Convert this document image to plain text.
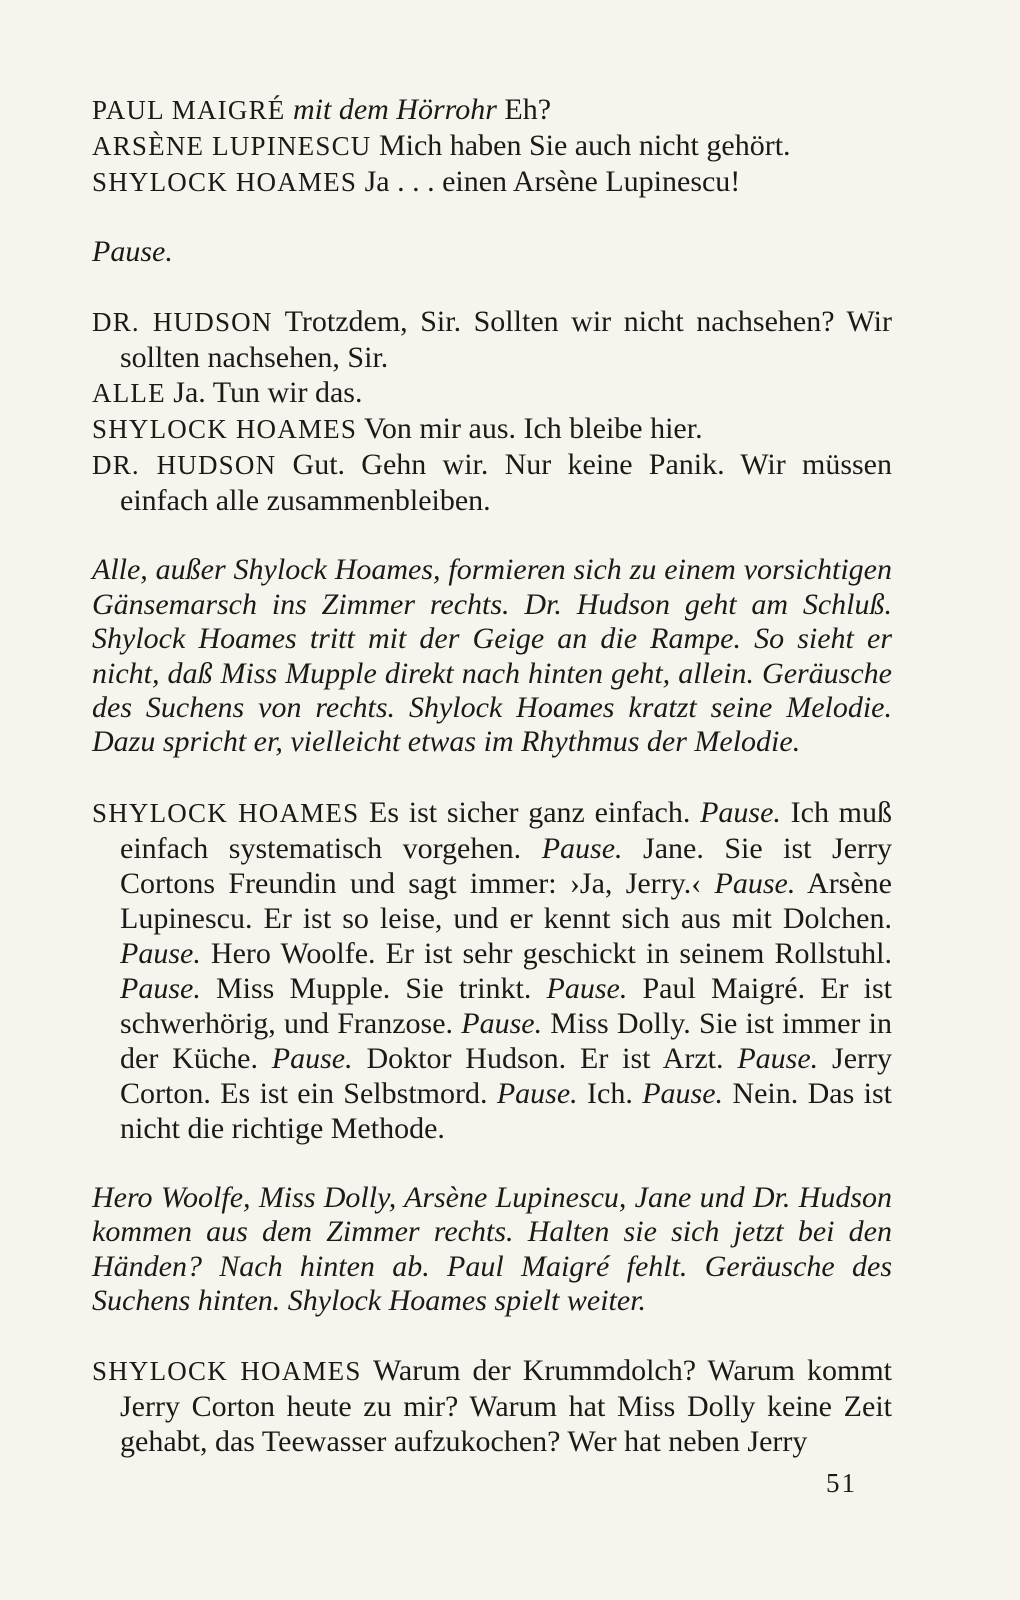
PAUL MAIGRÉ mit dem Hörrohr Eh?

ARSÈNE LUPINESCU Mich haben Sie auch nicht gehört.

SHYLOCK HOAMES Ja . . . einen Arsène Lupinescu!

Pause.

DR. HUDSON Trotzdem, Sir. Sollten wir nicht nachsehen? Wir sollten nachsehen, Sir.

ALLE Ja. Tun wir das.

SHYLOCK HOAMES Von mir aus. Ich bleibe hier.

DR. HUDSON Gut. Gehn wir. Nur keine Panik. Wir müssen einfach alle zusammenbleiben.

Alle, außer Shylock Hoames, formieren sich zu einem vorsichtigen Gänsemarsch ins Zimmer rechts. Dr. Hudson geht am Schluß. Shylock Hoames tritt mit der Geige an die Rampe. So sieht er nicht, daß Miss Mupple direkt nach hinten geht, allein. Geräusche des Suchens von rechts. Shylock Hoames kratzt seine Melodie. Dazu spricht er, vielleicht etwas im Rhythmus der Melodie.

SHYLOCK HOAMES Es ist sicher ganz einfach. Pause. Ich muß einfach systematisch vorgehen. Pause. Jane. Sie ist Jerry Cortons Freundin und sagt immer: ›Ja, Jerry.‹ Pause. Arsène Lupinescu. Er ist so leise, und er kennt sich aus mit Dolchen. Pause. Hero Woolfe. Er ist sehr geschickt in seinem Rollstuhl. Pause. Miss Mupple. Sie trinkt. Pause. Paul Maigré. Er ist schwerhörig, und Franzose. Pause. Miss Dolly. Sie ist immer in der Küche. Pause. Doktor Hudson. Er ist Arzt. Pause. Jerry Corton. Es ist ein Selbstmord. Pause. Ich. Pause. Nein. Das ist nicht die richtige Methode.

Hero Woolfe, Miss Dolly, Arsène Lupinescu, Jane und Dr. Hudson kommen aus dem Zimmer rechts. Halten sie sich jetzt bei den Händen? Nach hinten ab. Paul Maigré fehlt. Geräusche des Suchens hinten. Shylock Hoames spielt weiter.

SHYLOCK HOAMES Warum der Krummdolch? Warum kommt Jerry Corton heute zu mir? Warum hat Miss Dolly keine Zeit gehabt, das Teewasser aufzukochen? Wer hat neben Jerry

51
